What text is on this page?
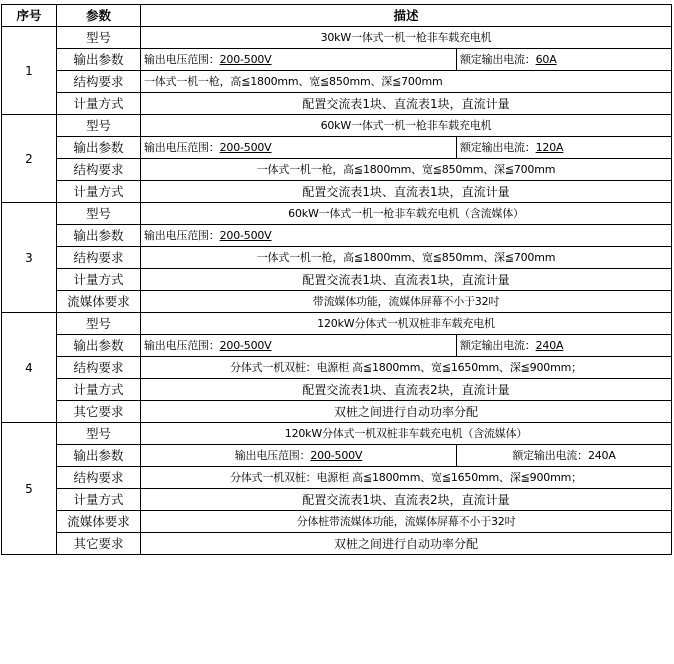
序号	参数	描述	
1	型号	30kW一体式一机一枪非车载充电机	
	输出参数	输出电压范围：200-500V	额定输出电流：60A
	结构要求	一体式一机一枪，高≦1800mm、宽≦850mm、深≦700mm	
	计量方式	配置交流表1块、直流表1块，直流计量	
2	型号	60kW一体式一机一枪非车载充电机	
	输出参数	输出电压范围：200-500V	额定输出电流：120A
	结构要求	一体式一机一枪，高≦1800mm、宽≦850mm、深≦700mm	
	计量方式	配置交流表1块、直流表1块，直流计量	
3	型号	60kW一体式一机一枪非车载充电机（含流媒体）	
	输出参数	输出电压范围：200-500V	
	结构要求	一体式一机一枪，高≦1800mm、宽≦850mm、深≦700mm	
	计量方式	配置交流表1块、直流表1块，直流计量	
	流媒体要求	带流媒体功能，流媒体屏幕不小于32吋	
4	型号	120kW分体式一机双桩非车载充电机	
	输出参数	输出电压范围：200-500V	额定输出电流：240A
	结构要求	分体式一机双桩：电源柜 高≦1800mm、宽≦1650mm、深≦900mm；	
	计量方式	配置交流表1块、直流表2块，直流计量	
	其它要求	双桩之间进行自动功率分配	
5	型号	120kW分体式一机双桩非车载充电机（含流媒体）	
	输出参数	输出电压范围：200-500V	额定输出电流：240A
	结构要求	分体式一机双桩：电源柜 高≦1800mm、宽≦1650mm、深≦900mm；	
	计量方式	配置交流表1块、直流表2块，直流计量	
	流媒体要求	分体桩带流媒体功能，流媒体屏幕不小于32吋	
	其它要求	双桩之间进行自动功率分配	
